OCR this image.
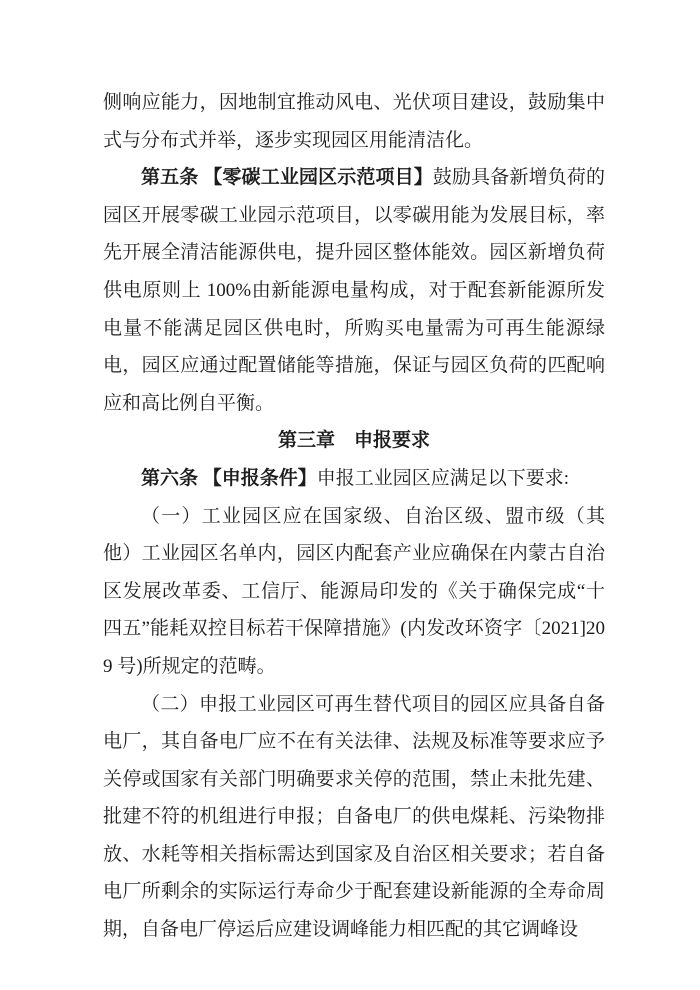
侧响应能力，因地制宜推动风电、光伏项目建设，鼓励集中式与分布式并举，逐步实现园区用能清洁化。

第五条 【零碳工业园区示范项目】鼓励具备新增负荷的园区开展零碳工业园示范项目，以零碳用能为发展目标，率先开展全清洁能源供电，提升园区整体能效。园区新增负荷供电原则上 100%由新能源电量构成，对于配套新能源所发电量不能满足园区供电时，所购买电量需为可再生能源绿电，园区应通过配置储能等措施，保证与园区负荷的匹配响应和高比例自平衡。

第三章　申报要求

第六条 【申报条件】申报工业园区应满足以下要求:

（一）工业园区应在国家级、自治区级、盟市级（其他）工业园区名单内，园区内配套产业应确保在内蒙古自治区发展改革委、工信厅、能源局印发的《关于确保完成“十四五”能耗双控目标若干保障措施》(内发改环资字〔2021]209 号)所规定的范畴。

（二）申报工业园区可再生替代项目的园区应具备自备电厂，其自备电厂应不在有关法律、法规及标准等要求应予关停或国家有关部门明确要求关停的范围，禁止未批先建、批建不符的机组进行申报；自备电厂的供电煤耗、污染物排放、水耗等相关指标需达到国家及自治区相关要求；若自备电厂所剩余的实际运行寿命少于配套建设新能源的全寿命周期，自备电厂停运后应建设调峰能力相匹配的其它调峰设
